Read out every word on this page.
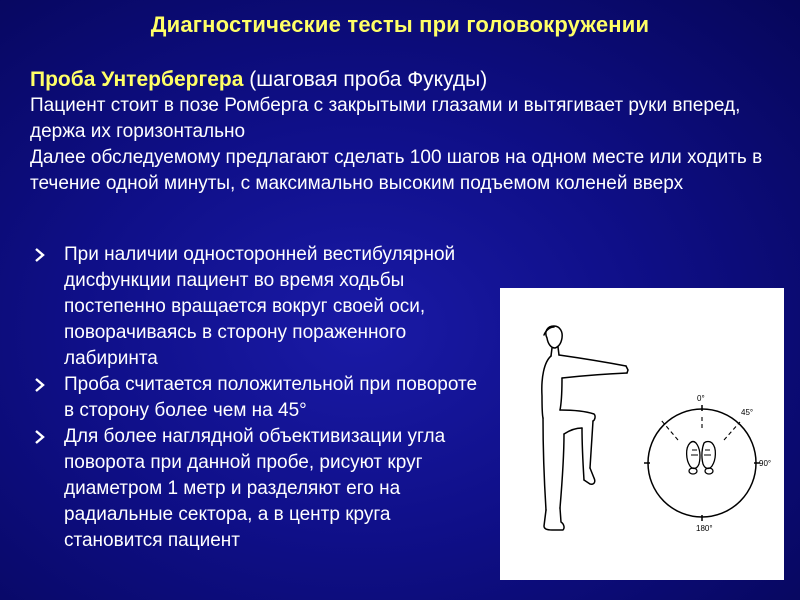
Диагностические тесты при головокружении
Проба Унтербергера (шаговая проба Фукуды)
Пациент стоит в позе Ромберга с закрытыми глазами и вытягивает руки вперед, держа их горизонтально
Далее обследуемому предлагают сделать 100 шагов на одном месте или ходить в течение одной минуты, с максимально высоким подъемом коленей вверх
При наличии односторонней вестибулярной дисфункции пациент во время ходьбы постепенно вращается вокруг своей оси, поворачиваясь в сторону пораженного лабиринта
Проба считается положительной при повороте в сторону более чем на 45°
Для более наглядной объективизации угла поворота при данной пробе, рисуют круг диаметром 1 метр и разделяют его на радиальные сектора, а в центр круга становится пациент
0°
45°
90°
180°
